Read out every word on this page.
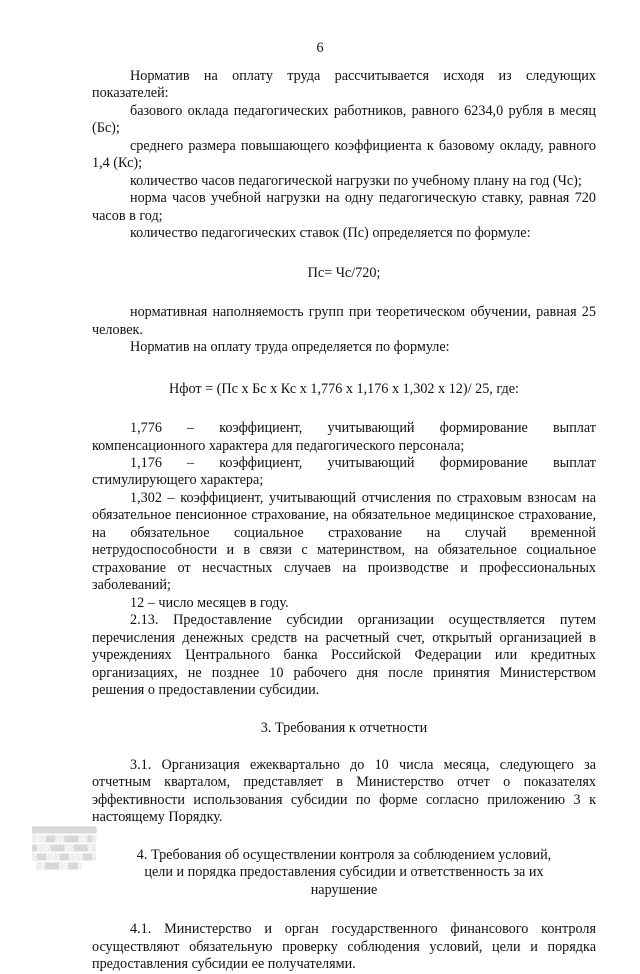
6

Норматив на оплату труда рассчитывается исходя из следующих показателей:

базового оклада педагогических работников, равного 6234,0 рубля в месяц (Бс);

среднего размера повышающего коэффициента к базовому окладу, равного 1,4 (Кс);

количество часов педагогической нагрузки по учебному плану на год (Чс);

норма часов учебной нагрузки на одну педагогическую ставку, равная 720 часов в год;

количество педагогических ставок (Пс) определяется по формуле:

Пс= Чс/720;

нормативная наполняемость групп при теоретическом обучении, равная 25 человек.

Норматив на оплату труда определяется по формуле:

Нфот = (Пс х Бс х Кс х 1,776 х 1,176 х 1,302 х 12)/ 25, где:

1,776 – коэффициент, учитывающий формирование выплат компенсационного характера для педагогического персонала;

1,176 – коэффициент, учитывающий формирование выплат стимулирующего характера;

1,302 – коэффициент, учитывающий отчисления по страховым взносам на обязательное пенсионное страхование, на обязательное медицинское страхование, на обязательное социальное страхование на случай временной нетрудоспособности и в связи с материнством, на обязательное социальное страхование от несчастных случаев на производстве и профессиональных заболеваний;

12 – число месяцев в году.

2.13. Предоставление субсидии организации осуществляется путем перечисления денежных средств на расчетный счет, открытый организацией в учреждениях Центрального банка Российской Федерации или кредитных организациях, не позднее 10 рабочего дня после принятия Министерством решения о предоставлении субсидии.

3. Требования к отчетности

3.1. Организация ежеквартально до 10 числа месяца, следующего за отчетным кварталом, представляет в Министерство отчет о показателях эффективности использования субсидии по форме согласно приложению 3 к настоящему Порядку.

4. Требования об осуществлении контроля за соблюдением условий, цели и порядка предоставления субсидии и ответственность за их нарушение

4.1. Министерство и орган государственного финансового контроля осуществляют обязательную проверку соблюдения условий, цели и порядка предоставления субсидии ее получателями.

▒▒▒▒▒▒▒▒▒▒▒▒▒▒
░░░▒▒░░▒▒▒░░▒░
▒░░░▒▒▒░░▒▒▒░░
░▒▒░░░▒▒░░░▒▒░
░░▒▒▒░░▒▒░
